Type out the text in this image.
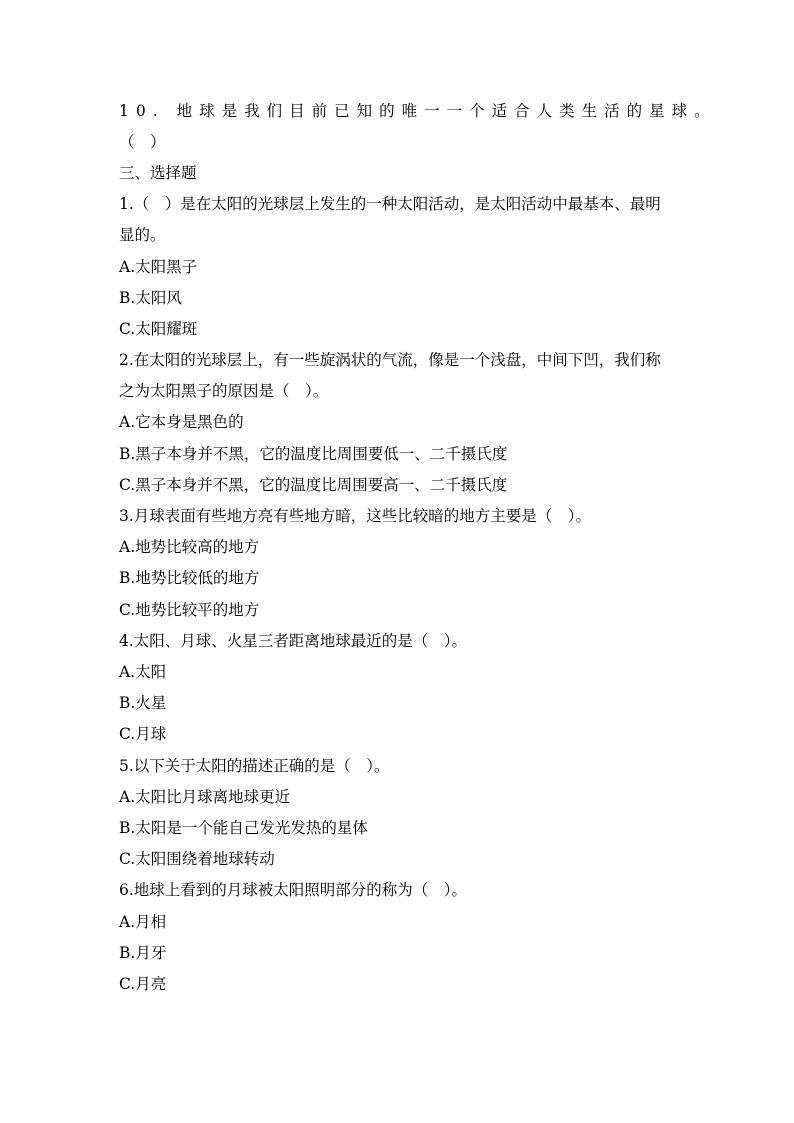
10. 地球是我们目前已知的唯一一个适合人类生活的星球。
（　）
三、选择题
1.（　）是在太阳的光球层上发生的一种太阳活动，是太阳活动中最基本、最明
显的。
A.太阳黑子
B.太阳风
C.太阳耀斑
2.在太阳的光球层上，有一些旋涡状的气流，像是一个浅盘，中间下凹，我们称
之为太阳黑子的原因是（　）。
A.它本身是黑色的
B.黑子本身并不黑，它的温度比周围要低一、二千摄氏度
C.黑子本身并不黑，它的温度比周围要高一、二千摄氏度
3.月球表面有些地方亮有些地方暗，这些比较暗的地方主要是（　）。
A.地势比较高的地方
B.地势比较低的地方
C.地势比较平的地方
4.太阳、月球、火星三者距离地球最近的是（　）。
A.太阳
B.火星
C.月球
5.以下关于太阳的描述正确的是（　）。
A.太阳比月球离地球更近
B.太阳是一个能自己发光发热的星体
C.太阳围绕着地球转动
6.地球上看到的月球被太阳照明部分的称为（　）。
A.月相
B.月牙
C.月亮
